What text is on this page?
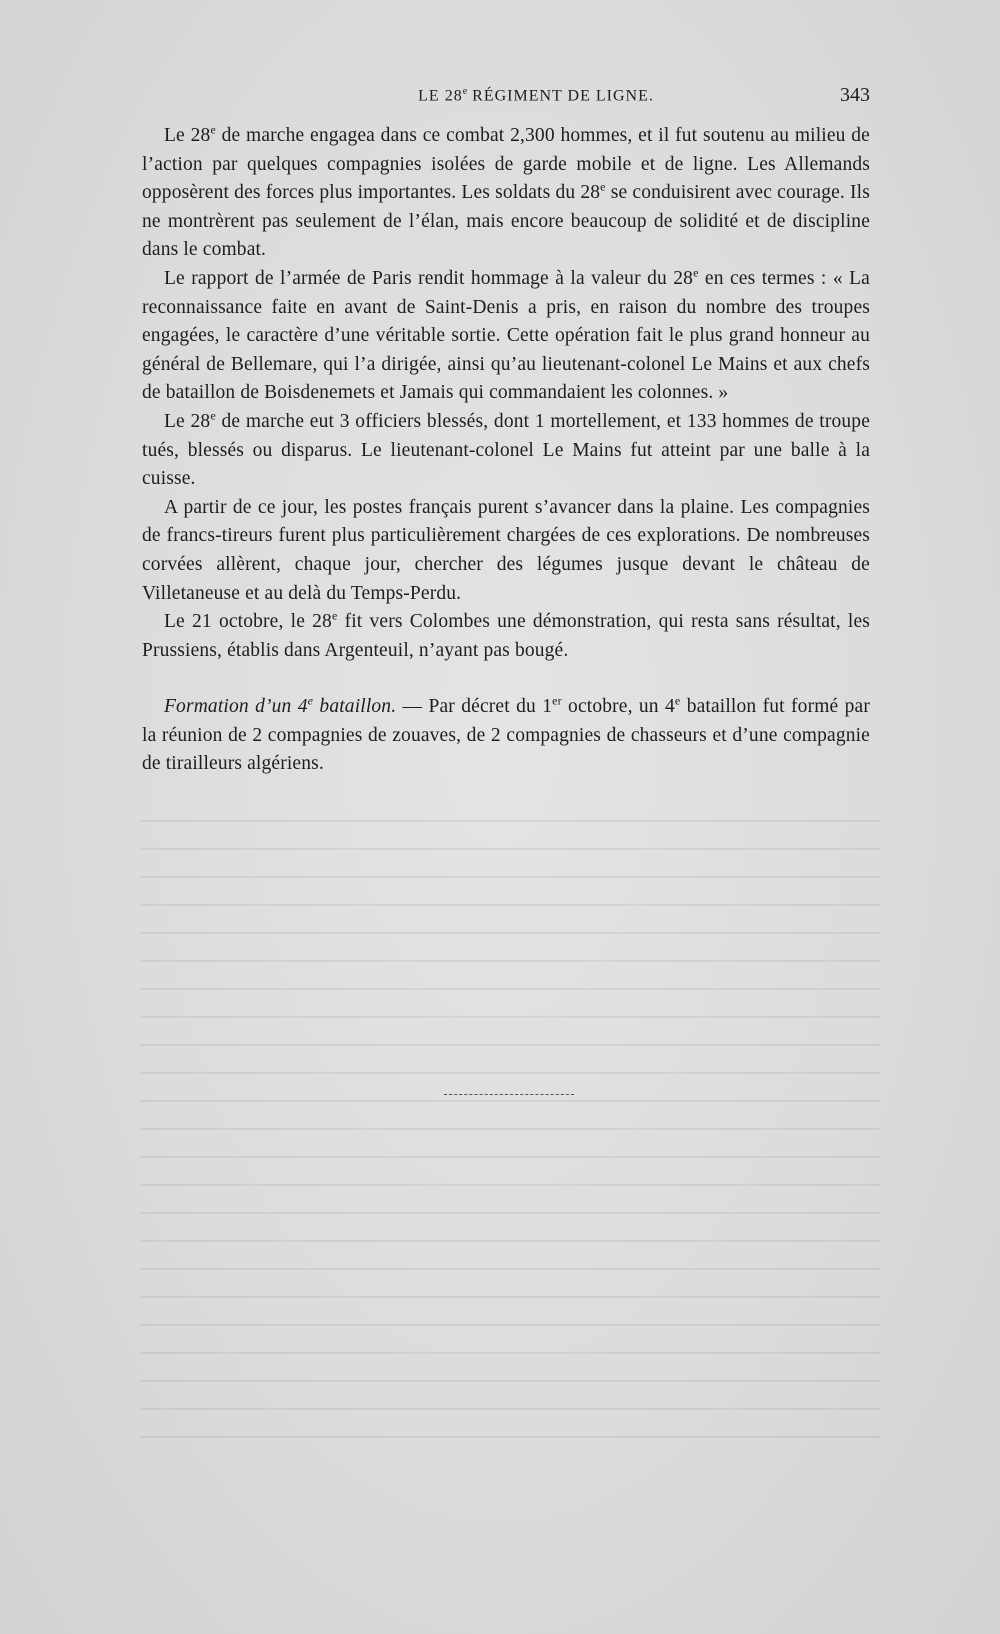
LE 28e RÉGIMENT DE LIGNE.	343

Le 28e de marche engagea dans ce combat 2,300 hommes, et il fut soutenu au milieu de l’action par quelques compagnies isolées de garde mobile et de ligne. Les Allemands opposèrent des forces plus importantes. Les soldats du 28e se conduisirent avec courage. Ils ne montrèrent pas seulement de l’élan, mais encore beaucoup de solidité et de discipline dans le combat.

Le rapport de l’armée de Paris rendit hommage à la valeur du 28e en ces termes : « La reconnaissance faite en avant de Saint-Denis a pris, en raison du nombre des troupes engagées, le caractère d’une véritable sortie. Cette opération fait le plus grand honneur au général de Bellemare, qui l’a dirigée, ainsi qu’au lieutenant-colonel Le Mains et aux chefs de bataillon de Boisdenemets et Jamais qui commandaient les colonnes. »

Le 28e de marche eut 3 officiers blessés, dont 1 mortellement, et 133 hommes de troupe tués, blessés ou disparus. Le lieutenant-colonel Le Mains fut atteint par une balle à la cuisse.

A partir de ce jour, les postes français purent s’avancer dans la plaine. Les compagnies de francs-tireurs furent plus particulièrement chargées de ces explorations. De nombreuses corvées allèrent, chaque jour, chercher des légumes jusque devant le château de Villetaneuse et au delà du Temps-Perdu.

Le 21 octobre, le 28e fit vers Colombes une démonstration, qui resta sans résultat, les Prussiens, établis dans Argenteuil, n’ayant pas bougé.

Formation d’un 4e bataillon. — Par décret du 1er octobre, un 4e bataillon fut formé par la réunion de 2 compagnies de zouaves, de 2 compagnies de chasseurs et d’une compagnie de tirailleurs algériens.
